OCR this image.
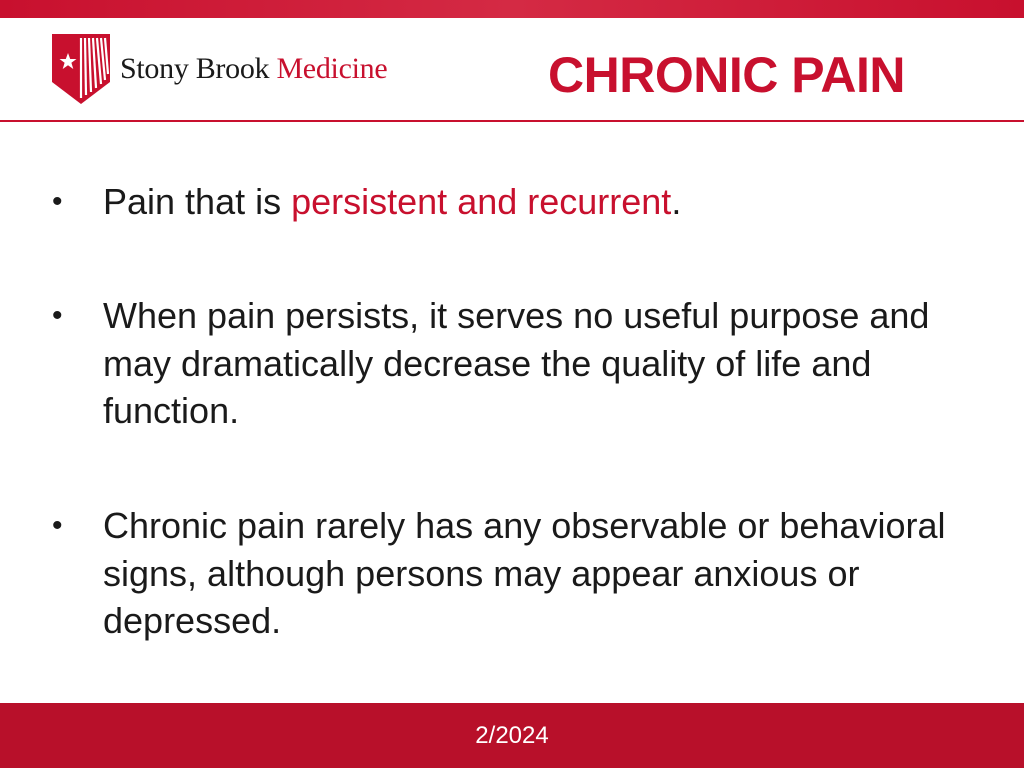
Stony Brook Medicine	CHRONIC PAIN
• Pain that is persistent and recurrent.
• When pain persists, it serves no useful purpose and may dramatically decrease the quality of life and function.
• Chronic pain rarely has any observable or behavioral signs, although persons may appear anxious or depressed.
2/2024
